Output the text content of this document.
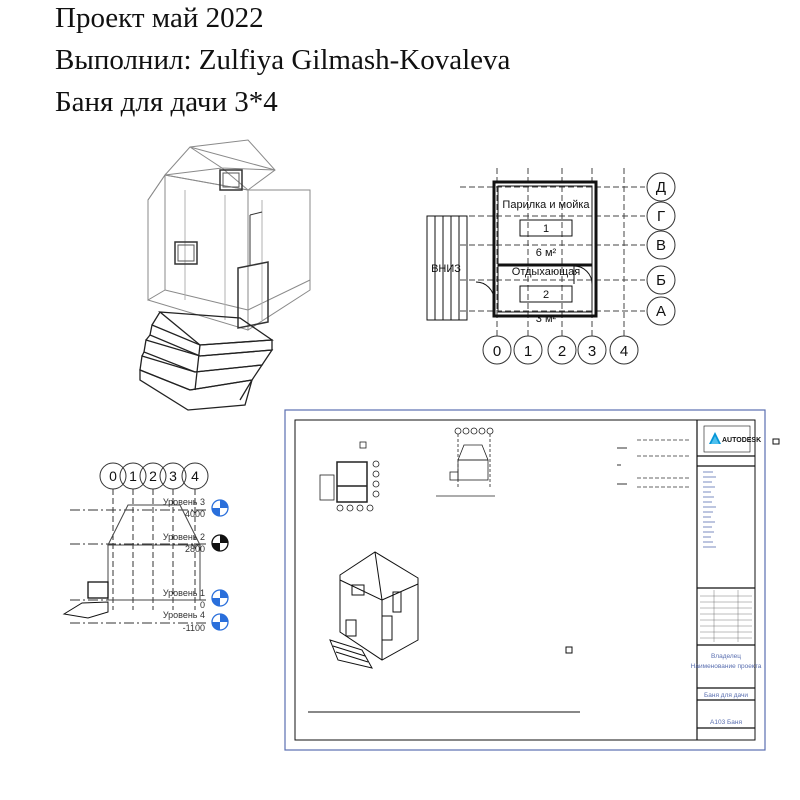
Проект май 2022
Выполнил: Zulfiya Gilmash-Kovaleva
Баня для дачи 3*4
Д
Г
В
Б
А
0 1 2 3 4
Парилка и мойка
1
6 м²
Отдыхающая
2
3 м²
ВНИЗ
0 1 2 3 4
Уровень 3
4000
Уровень 2
2800
Уровень 1
0
Уровень 4
-1100
AUTODESK
Владелец
Наименование проекта
Баня для дачи
А103 Баня
